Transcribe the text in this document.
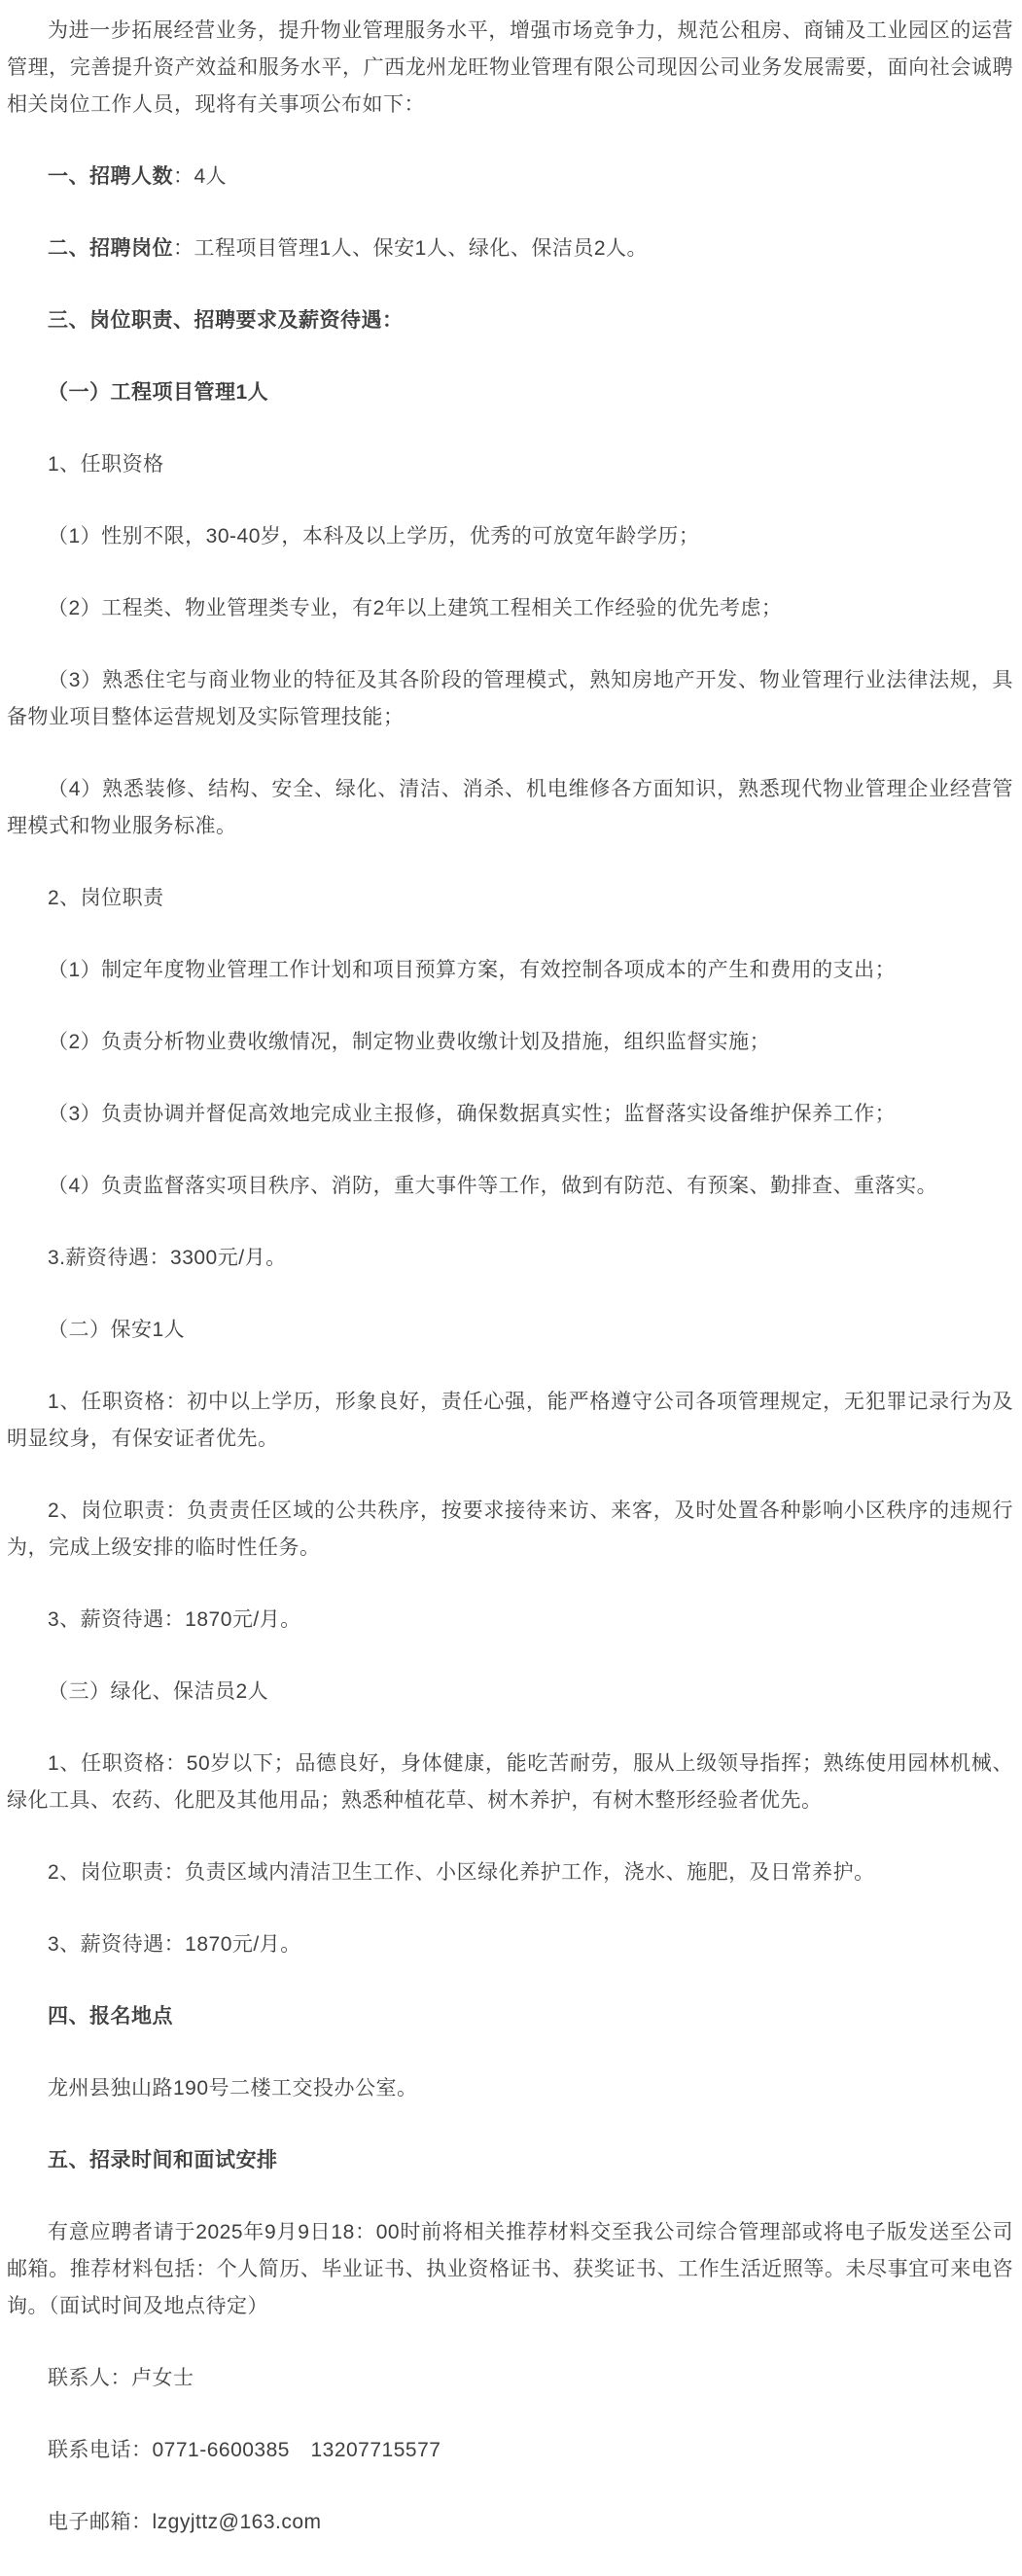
为进一步拓展经营业务，提升物业管理服务水平，增强市场竞争力，规范公租房、商铺及工业园区的运营管理，完善提升资产效益和服务水平，广西龙州龙旺物业管理有限公司现因公司业务发展需要，面向社会诚聘相关岗位工作人员，现将有关事项公布如下：

一、招聘人数：4人

二、招聘岗位：工程项目管理1人、保安1人、绿化、保洁员2人。

三、岗位职责、招聘要求及薪资待遇：

（一）工程项目管理1人

1、任职资格

（1）性别不限，30-40岁，本科及以上学历，优秀的可放宽年龄学历；

（2）工程类、物业管理类专业，有2年以上建筑工程相关工作经验的优先考虑；

（3）熟悉住宅与商业物业的特征及其各阶段的管理模式，熟知房地产开发、物业管理行业法律法规，具备物业项目整体运营规划及实际管理技能；

（4）熟悉装修、结构、安全、绿化、清洁、消杀、机电维修各方面知识，熟悉现代物业管理企业经营管理模式和物业服务标准。

2、岗位职责

（1）制定年度物业管理工作计划和项目预算方案，有效控制各项成本的产生和费用的支出；

（2）负责分析物业费收缴情况，制定物业费收缴计划及措施，组织监督实施；

（3）负责协调并督促高效地完成业主报修，确保数据真实性；监督落实设备维护保养工作；

（4）负责监督落实项目秩序、消防，重大事件等工作，做到有防范、有预案、勤排查、重落实。

3.薪资待遇：3300元/月。

（二）保安1人

1、任职资格：初中以上学历，形象良好，责任心强，能严格遵守公司各项管理规定，无犯罪记录行为及明显纹身，有保安证者优先。

2、岗位职责：负责责任区域的公共秩序，按要求接待来访、来客，及时处置各种影响小区秩序的违规行为，完成上级安排的临时性任务。

3、薪资待遇：1870元/月。

（三）绿化、保洁员2人

1、任职资格：50岁以下；品德良好，身体健康，能吃苦耐劳，服从上级领导指挥；熟练使用园林机械、绿化工具、农药、化肥及其他用品；熟悉种植花草、树木养护，有树木整形经验者优先。

2、岗位职责：负责区域内清洁卫生工作、小区绿化养护工作，浇水、施肥，及日常养护。

3、薪资待遇：1870元/月。

四、报名地点

龙州县独山路190号二楼工交投办公室。

五、招录时间和面试安排

有意应聘者请于2025年9月9日18：00时前将相关推荐材料交至我公司综合管理部或将电子版发送至公司邮箱。推荐材料包括：个人简历、毕业证书、执业资格证书、获奖证书、工作生活近照等。未尽事宜可来电咨询。（面试时间及地点待定）

联系人：卢女士

联系电话：0771-6600385　13207715577

电子邮箱：lzgyjttz@163.com
